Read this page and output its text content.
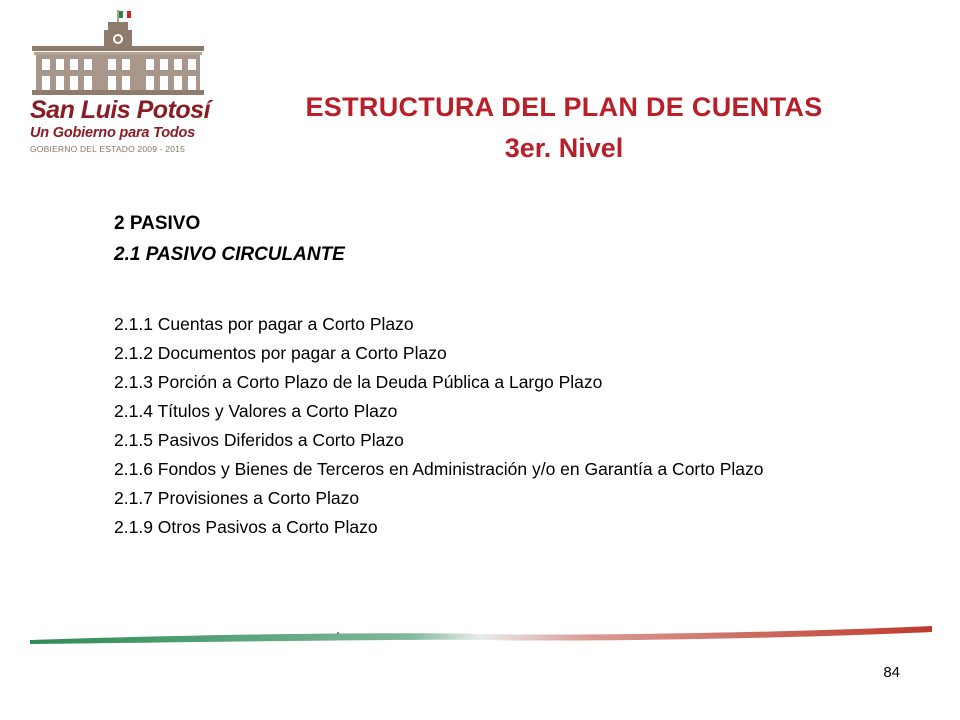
San Luis Potosí
Un Gobierno para Todos
GOBIERNO DEL ESTADO 2009 - 2015
ESTRUCTURA DEL PLAN DE CUENTAS
3er. Nivel
2 PASIVO
2.1 PASIVO CIRCULANTE
2.1.1 Cuentas por pagar a Corto Plazo
2.1.2 Documentos por pagar a Corto Plazo
2.1.3 Porción a Corto Plazo de la Deuda Pública a Largo Plazo
2.1.4 Títulos y Valores a Corto Plazo
2.1.5 Pasivos Diferidos a Corto Plazo
2.1.6 Fondos y Bienes de Terceros en Administración y/o en Garantía a Corto Plazo
2.1.7 Provisiones a Corto Plazo
2.1.9 Otros Pasivos a Corto Plazo
84
